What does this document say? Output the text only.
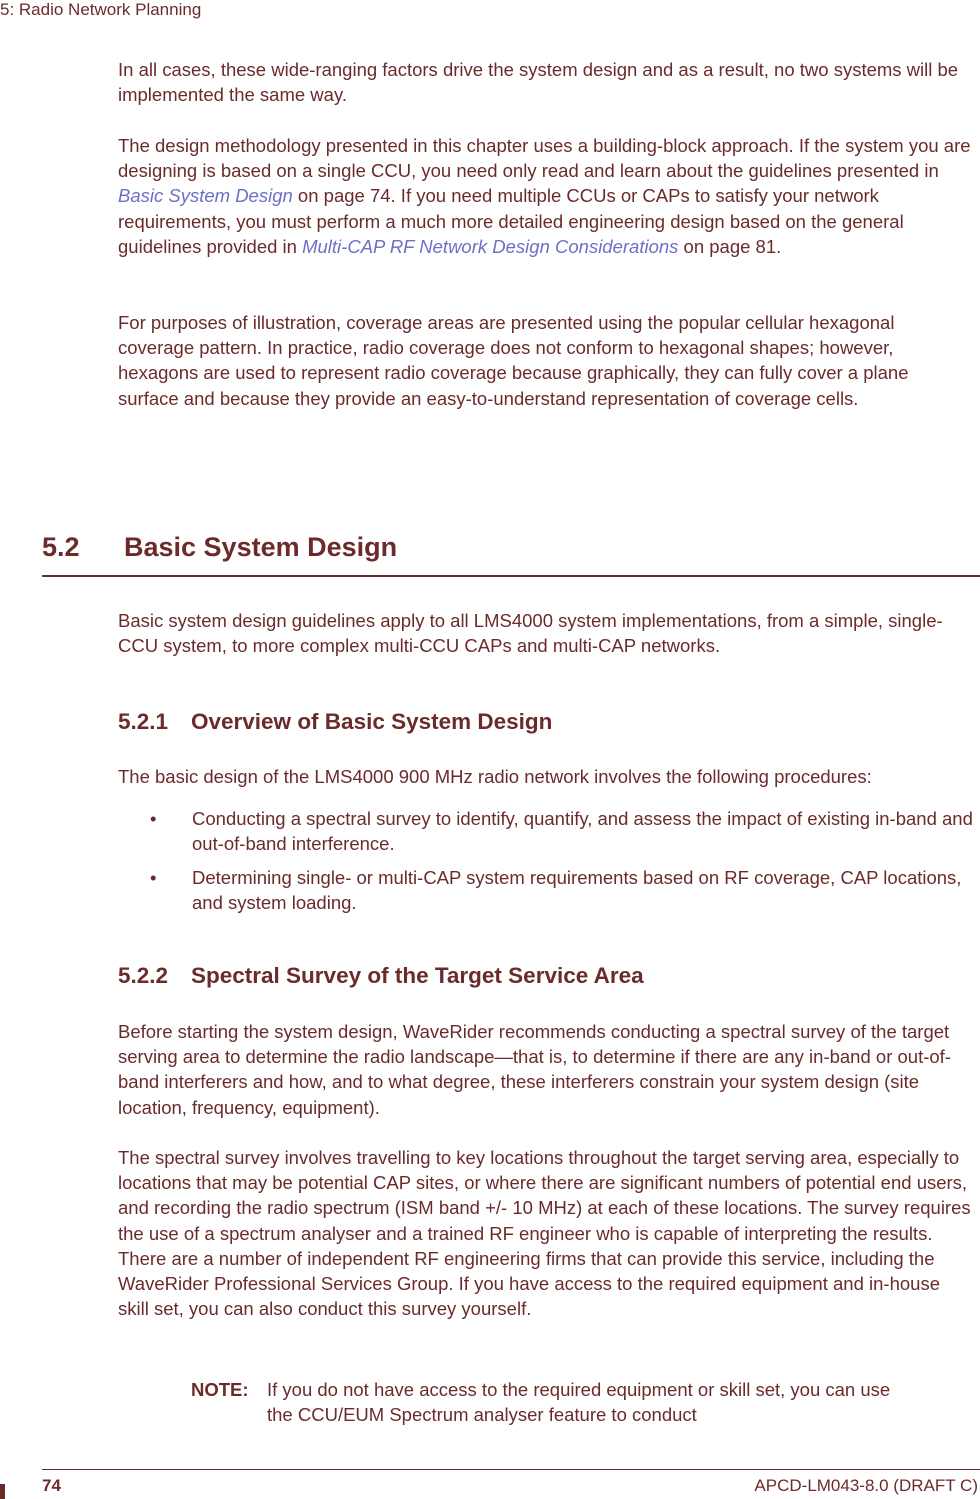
5: Radio Network Planning

In all cases, these wide-ranging factors drive the system design and as a result, no two systems will be implemented the same way.

The design methodology presented in this chapter uses a building-block approach. If the system you are designing is based on a single CCU, you need only read and learn about the guidelines presented in Basic System Design on page 74. If you need multiple CCUs or CAPs to satisfy your network requirements, you must perform a much more detailed engineering design based on the general guidelines provided in Multi-CAP RF Network Design Considerations on page 81.

For purposes of illustration, coverage areas are presented using the popular cellular hexagonal coverage pattern. In practice, radio coverage does not conform to hexagonal shapes; however, hexagons are used to represent radio coverage because graphically, they can fully cover a plane surface and because they provide an easy-to-understand representation of coverage cells.

5.2 Basic System Design

Basic system design guidelines apply to all LMS4000 system implementations, from a simple, single-CCU system, to more complex multi-CCU CAPs and multi-CAP networks.

5.2.1 Overview of Basic System Design

The basic design of the LMS4000 900 MHz radio network involves the following procedures:

• Conducting a spectral survey to identify, quantify, and assess the impact of existing in-band and out-of-band interference.
• Determining single- or multi-CAP system requirements based on RF coverage, CAP locations, and system loading.
5.2.2 Spectral Survey of the Target Service Area

Before starting the system design, WaveRider recommends conducting a spectral survey of the target serving area to determine the radio landscape—that is, to determine if there are any in-band or out-of-band interferers and how, and to what degree, these interferers constrain your system design (site location, frequency, equipment).

The spectral survey involves travelling to key locations throughout the target serving area, especially to locations that may be potential CAP sites, or where there are significant numbers of potential end users, and recording the radio spectrum (ISM band +/- 10 MHz) at each of these locations. The survey requires the use of a spectrum analyser and a trained RF engineer who is capable of interpreting the results. There are a number of independent RF engineering firms that can provide this service, including the WaveRider Professional Services Group. If you have access to the required equipment and in-house skill set, you can also conduct this survey yourself.

NOTE: If you do not have access to the required equipment or skill set, you can use the CCU/EUM Spectrum analyser feature to conduct
74	APCD-LM043-8.0 (DRAFT C)
